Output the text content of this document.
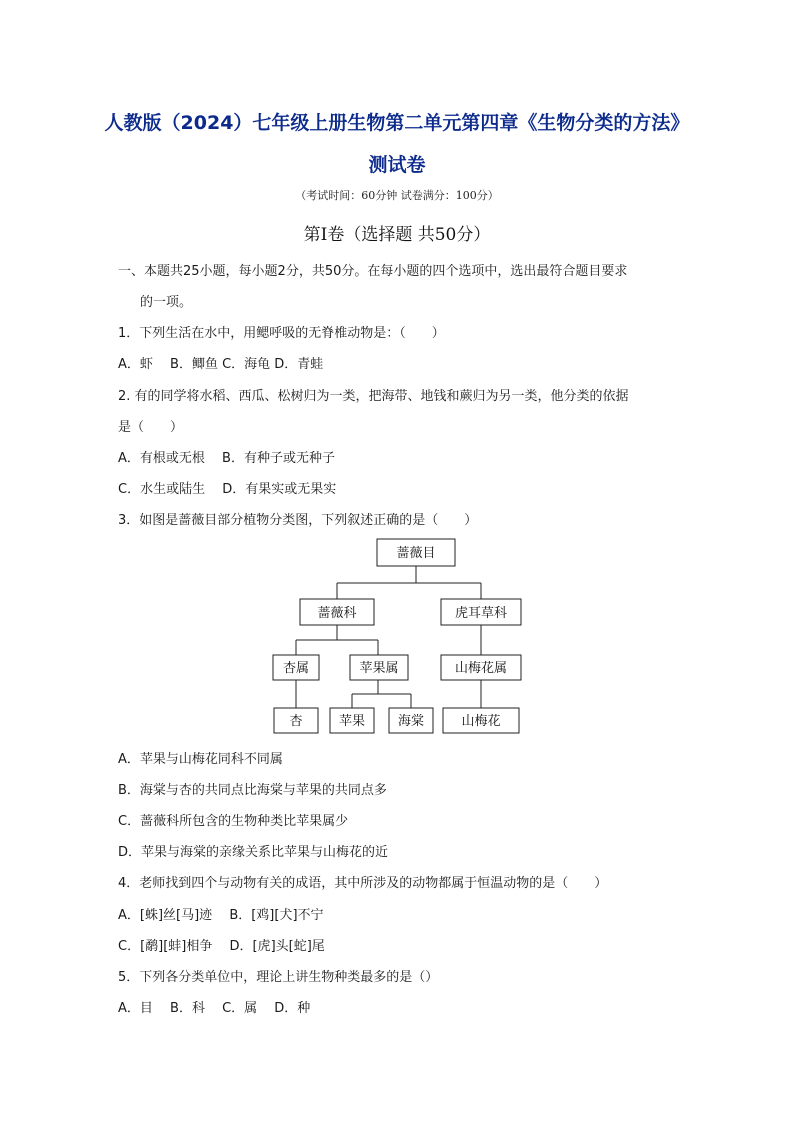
人教版（2024）七年级上册生物第二单元第四章《生物分类的方法》
测试卷
（考试时间：60分钟 试卷满分：100分）
第Ⅰ卷（选择题 共50分）
一、本题共25小题，每小题2分，共50分。在每小题的四个选项中，选出最符合题目要求
的一项。
1．下列生活在水中，用鳃呼吸的无脊椎动物是：（　　）
A．虾　 B．鲫鱼 C．海龟 D．青蛙
2. 有的同学将水稻、西瓜、松树归为一类，把海带、地钱和蕨归为另一类，他分类的依据
是（　　）
A．有根或无根　 B．有种子或无种子
C．水生或陆生　 D．有果实或无果实
3．如图是蔷薇目部分植物分类图，下列叙述正确的是（　　）
蔷薇目
蔷薇科	虎耳草科
杏属	苹果属	山梅花属
杏	苹果	海棠	山梅花
A．苹果与山梅花同科不同属
B．海棠与杏的共同点比海棠与苹果的共同点多
C．蔷薇科所包含的生物种类比苹果属少
D．苹果与海棠的亲缘关系比苹果与山梅花的近
4．老师找到四个与动物有关的成语，其中所涉及的动物都属于恒温动物的是（　　）
A．[蛛]丝[马]迹　 B．[鸡][犬]不宁
C．[鹬][蚌]相争　 D．[虎]头[蛇]尾
5．下列各分类单位中，理论上讲生物种类最多的是（）
A．目　 B．科　 C．属　 D．种
